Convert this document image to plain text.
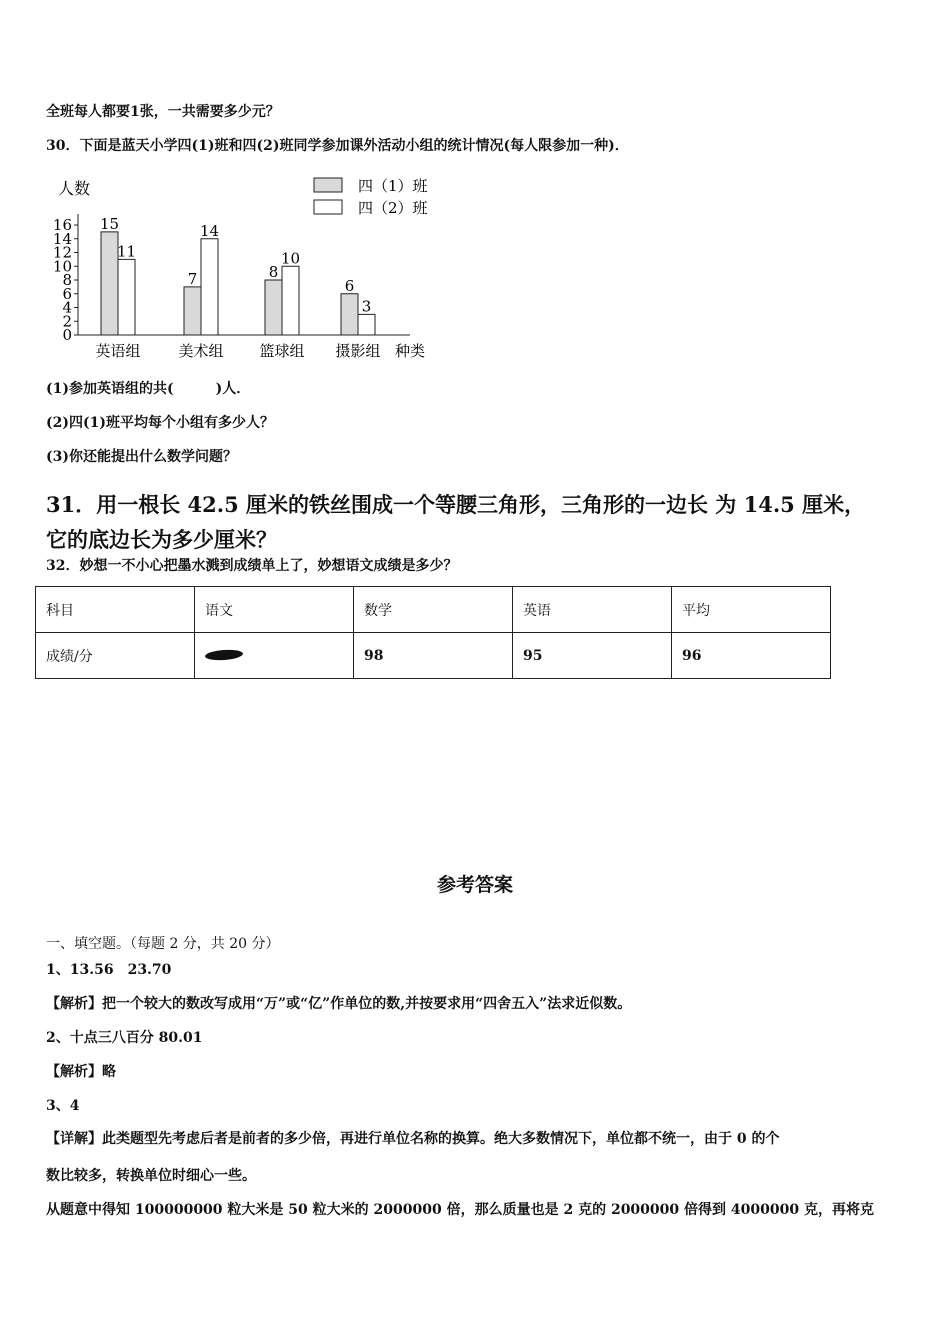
全班每人都要1张，一共需要多少元？
30．下面是蓝天小学四(1)班和四(2)班同学参加课外活动小组的统计情况(每人限参加一种)．
人数	四（1）班
四（2）班
0
2
4
6
8
10
12
14
16 15
11
7
14
8
10
6
3
英语组	美术组 篮球组 摄影组 种类
(1)参加英语组的共(　　　)人．
(2)四(1)班平均每个小组有多少人？
(3)你还能提出什么数学问题？
31．用一根长 42.5 厘米的铁丝围成一个等腰三角形，三角形的一边长 为 14.5 厘米，
它的底边长为多少厘米？
32．妙想一不小心把墨水溅到成绩单上了，妙想语文成绩是多少？
科目	语文	数学	英语	平均
成绩/分		98	95	96
参考答案
一、填空题。（每题 2 分，共 20 分）
1、13.56　23.70
【解析】把一个较大的数改写成用“万”或“亿”作单位的数,并按要求用“四舍五入”法求近似数。
2、十点三八百分 80.01
【解析】略
3、4
【详解】此类题型先考虑后者是前者的多少倍，再进行单位名称的换算。绝大多数情况下，单位都不统一，由于 0 的个
数比较多，转换单位时细心一些。
从题意中得知 100000000 粒大米是 50 粒大米的 2000000 倍，那么质量也是 2 克的 2000000 倍得到 4000000 克，再将克
